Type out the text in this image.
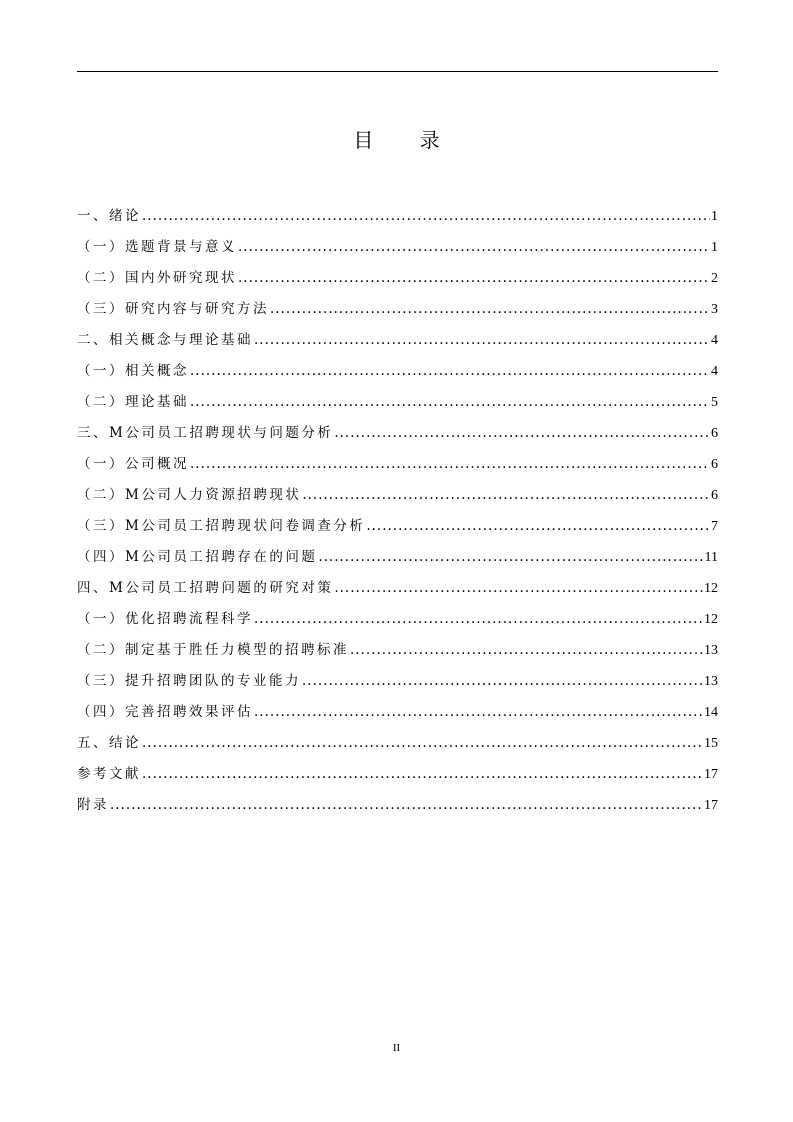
目 录
一、绪论 .....	1
（一）选题背景与意义 .....	1
（二）国内外研究现状 .....	2
（三）研究内容与研究方法 .....	3
二、相关概念与理论基础 .....	4
（一）相关概念 .....	4
（二）理论基础 .....	5
三、M公司员工招聘现状与问题分析 .....	6
（一）公司概况 .....	6
（二）M公司人力资源招聘现状 .....	6
（三）M公司员工招聘现状问卷调查分析 .....	7
（四）M公司员工招聘存在的问题 .....	11
四、M公司员工招聘问题的研究对策 .....	12
（一）优化招聘流程科学 .....	12
（二）制定基于胜任力模型的招聘标准 .....	13
（三）提升招聘团队的专业能力 .....	13
（四）完善招聘效果评估 .....	14
五、结论 .....	15
参考文献 .....	17
附录 .....	17
II
